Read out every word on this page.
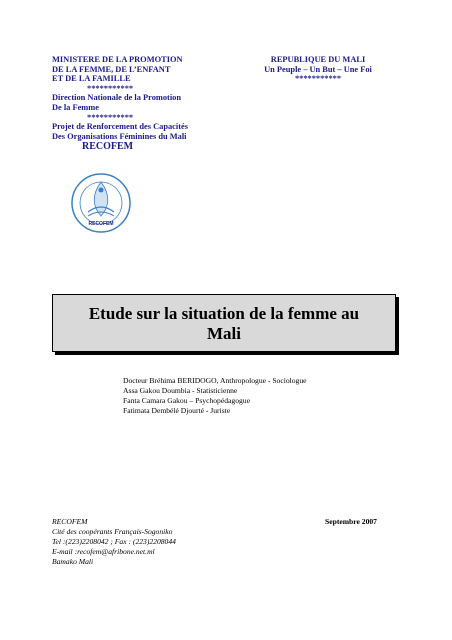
MINISTERE DE LA PROMOTION
DE LA FEMME, DE L’ENFANT
ET DE LA FAMILLE
***********
Direction Nationale de la Promotion
De la Femme
***********
Projet de Renforcement des Capacités
Des Organisations Féminines du Mali
RECOFEM
REPUBLIQUE DU MALI
Un Peuple – Un But – Une Foi
***********
RECOFEM
Etude sur la situation de la femme au
Mali
Docteur Bréhima BERIDOGO, Anthropologue - Sociologue
Assa Gakou Doumbia - Statisticienne
Fanta Camara Gakou – Psychopédagogue
Fatimata Dembélé Djourté - Juriste
RECOFEM
Cité des coopérants Français-Sogoniko
Tel :(223)2208042 ; Fax : (223)2208044
E-mail :recofem@afribone.net.ml
Bamako Mali
Septembre 2007
